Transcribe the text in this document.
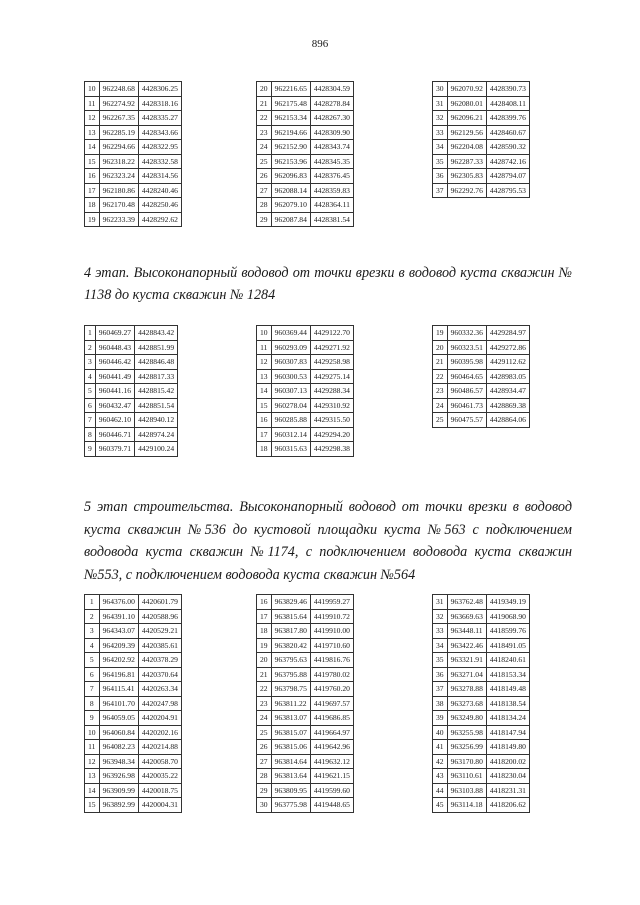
896
10	962248.68	4428306.25
11	962274.92	4428318.16
12	962267.35	4428335.27
13	962285.19	4428343.66
14	962294.66	4428322.95
15	962318.22	4428332.58
16	962323.24	4428314.56
17	962180.86	4428240.46
18	962170.48	4428250.46
19	962233.39	4428292.62
20	962216.65	4428304.59
21	962175.48	4428278.84
22	962153.34	4428267.30
23	962194.66	4428309.90
24	962152.90	4428343.74
25	962153.96	4428345.35
26	962096.83	4428376.45
27	962088.14	4428359.83
28	962079.10	4428364.11
29	962087.84	4428381.54
30	962070.92	4428390.73
31	962080.01	4428408.11
32	962096.21	4428399.76
33	962129.56	4428460.67
34	962204.08	4428590.32
35	962287.33	4428742.16
36	962305.83	4428794.07
37	962292.76	4428795.53

4 этап. Высоконапорный водовод от точки врезки в водовод куста скважин № 1138 до куста скважин № 1284

1	960469.27	4428843.42
2	960448.43	4428851.99
3	960446.42	4428846.48
4	960441.49	4428817.33
5	960441.16	4428815.42
6	960432.47	4428851.54
7	960462.10	4428940.12
8	960446.71	4428974.24
9	960379.71	4429100.24
10	960369.44	4429122.70
11	960293.09	4429271.92
12	960307.83	4429258.98
13	960300.53	4429275.14
14	960307.13	4429288.34
15	960278.04	4429310.92
16	960285.88	4429315.50
17	960312.14	4429294.20
18	960315.63	4429298.38
19	960332.36	4429284.97
20	960323.51	4429272.86
21	960395.98	4429112.62
22	960464.65	4428983.05
23	960486.57	4428934.47
24	960461.73	4428869.38
25	960475.57	4428864.06

5 этап строительства. Высоконапорный водовод от точки врезки в водовод куста скважин №536 до кустовой площадки куста №563 с подключением водовода куста скважин №1174, с подключением водовода куста скважин №553, с подключением водовода куста скважин №564

1	964376.00	4420601.79
2	964391.10	4420588.96
3	964343.07	4420529.21
4	964209.39	4420385.61
5	964202.92	4420378.29
6	964196.81	4420370.64
7	964115.41	4420263.34
8	964101.70	4420247.98
9	964059.05	4420204.91
10	964060.84	4420202.16
11	964082.23	4420214.88
12	963948.34	4420058.70
13	963926.98	4420035.22
14	963909.99	4420018.75
15	963892.99	4420004.31
16	963829.46	4419959.27
17	963815.64	4419910.72
18	963817.80	4419910.00
19	963820.42	4419710.60
20	963795.63	4419816.76
21	963795.88	4419780.02
22	963798.75	4419760.20
23	963811.22	4419697.57
24	963813.07	4419686.85
25	963815.07	4419664.97
26	963815.06	4419642.96
27	963814.64	4419632.12
28	963813.64	4419621.15
29	963809.95	4419599.60
30	963775.98	4419448.65
31	963762.48	4419349.19
32	963669.63	4419068.90
33	963448.11	4418599.76
34	963422.46	4418491.05
35	963321.91	4418240.61
36	963271.04	4418153.34
37	963278.88	4418149.48
38	963273.68	4418138.54
39	963249.80	4418134.24
40	963255.98	4418147.94
41	963256.99	4418149.80
42	963170.80	4418200.02
43	963110.61	4418230.04
44	963103.88	4418231.31
45	963114.18	4418206.62
